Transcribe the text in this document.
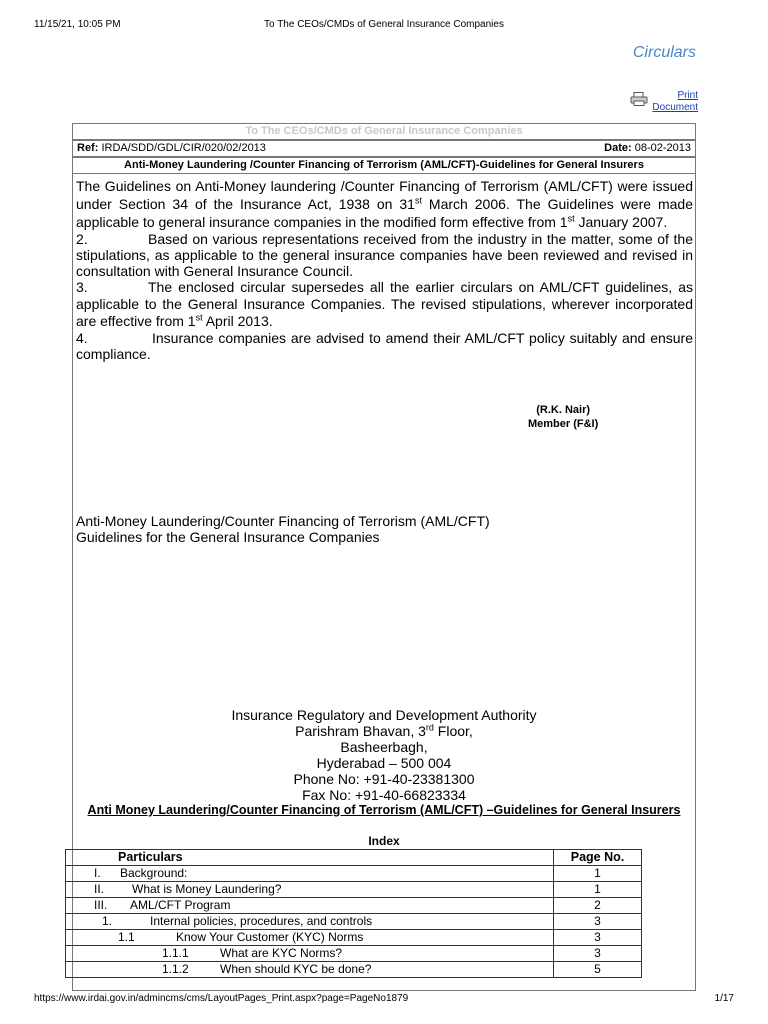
11/15/21, 10:05 PM	To The CEOs/CMDs of General Insurance Companies
Circulars
Print
Document
To The CEOs/CMDs of General Insurance Companies
Ref: IRDA/SDD/GDL/CIR/020/02/2013	Date: 08-02-2013
Anti-Money Laundering /Counter Financing of Terrorism (AML/CFT)-Guidelines for General Insurers

The Guidelines on Anti-Money laundering /Counter Financing of Terrorism (AML/CFT) were issued under Section 34 of the Insurance Act, 1938 on 31st March 2006. The Guidelines were made applicable to general insurance companies in the modified form effective from 1st January 2007.

2.	Based on various representations received from the industry in the matter, some of the stipulations, as applicable to the general insurance companies have been reviewed and revised in consultation with General Insurance Council.

3.	The enclosed circular supersedes all the earlier circulars on AML/CFT guidelines, as applicable to the General Insurance Companies. The revised stipulations, wherever incorporated are effective from 1st April 2013.

4.	Insurance companies are advised to amend their AML/CFT policy suitably and ensure compliance.

(R.K. Nair)
Member (F&I)
Anti-Money Laundering/Counter Financing of Terrorism (AML/CFT)
Guidelines for the General Insurance Companies
Insurance Regulatory and Development Authority
Parishram Bhavan, 3rd Floor,
Basheerbagh,
Hyderabad – 500 004
Phone No: +91-40-23381300
Fax No: +91-40-66823334
Anti Money Laundering/Counter Financing of Terrorism (AML/CFT) –Guidelines for General Insurers
Index
Particulars	Page No.
I. Background:	1
II. What is Money Laundering?	1
III. AML/CFT Program	2
1. Internal policies, procedures, and controls	3
1.1 Know Your Customer (KYC) Norms	3
1.1.1 What are KYC Norms?	3
1.1.2 When should KYC be done?	5
https://www.irdai.gov.in/admincms/cms/LayoutPages_Print.aspx?page=PageNo1879	1/17
